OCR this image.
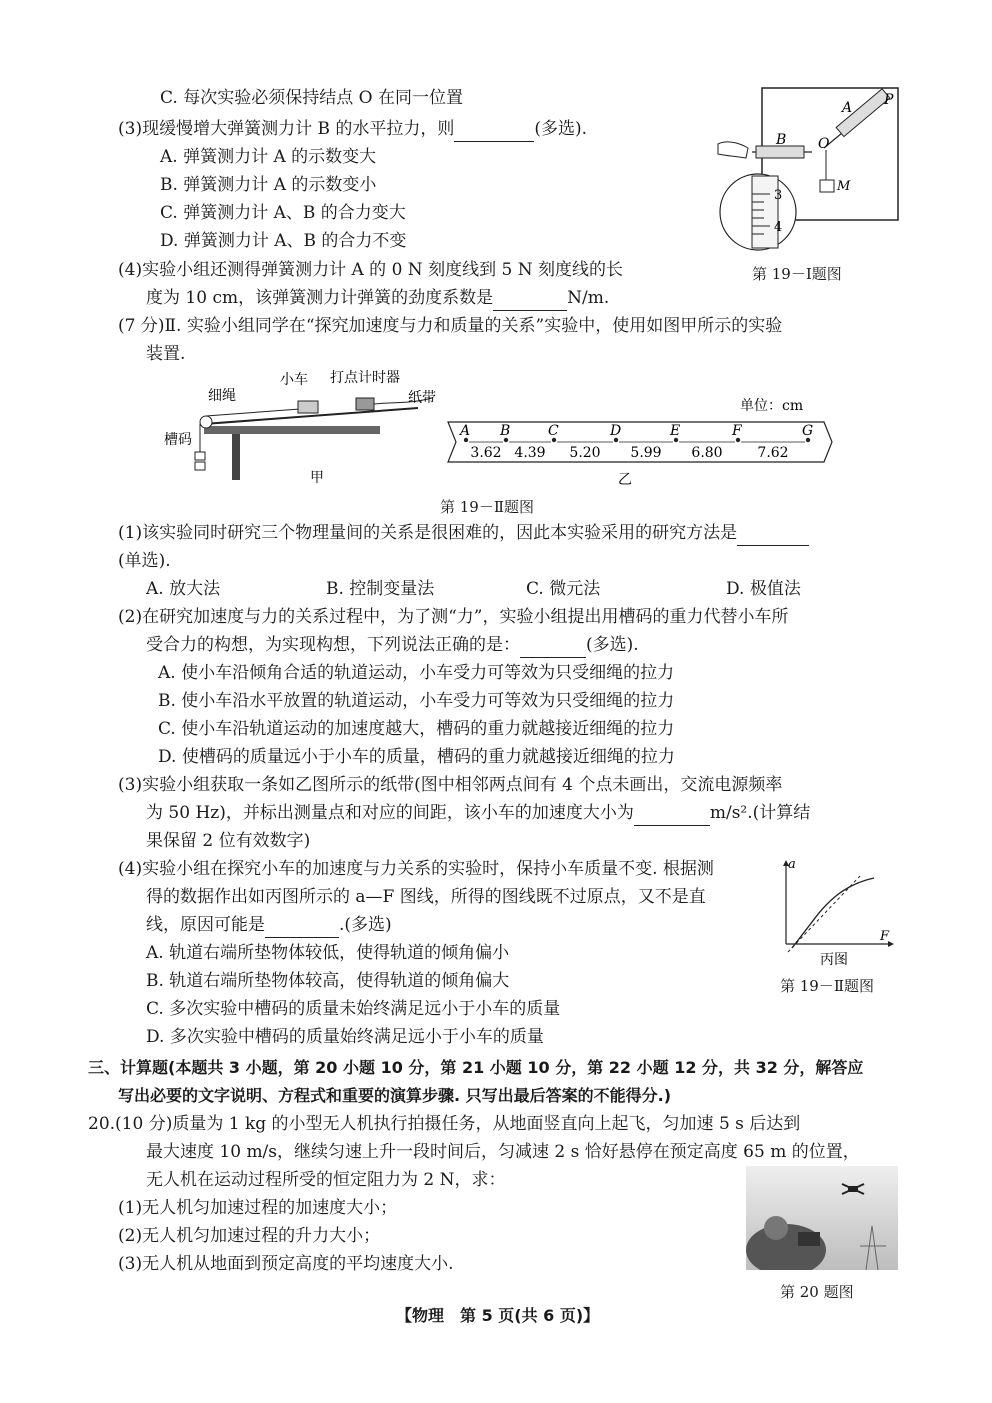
C. 每次实验必须保持结点 O 在同一位置
(3)现缓慢增大弹簧测力计 B 的水平拉力，则	(多选).
A. 弹簧测力计 A 的示数变大
B. 弹簧测力计 A 的示数变小
C. 弹簧测力计 A、B 的合力变大
D. 弹簧测力计 A、B 的合力不变
(4)实验小组还测得弹簧测力计 A 的 0 N 刻度线到 5 N 刻度线的长
度为 10 cm，该弹簧测力计弹簧的劲度系数是	N/m.
3
4
B O
A P
M
第 19－Ⅰ题图
(7 分)Ⅱ. 实验小组同学在“探究加速度与力和质量的关系”实验中，使用如图甲所示的实验
装置.
细绳
小车 打点计时器
纸带
槽码
甲
单位：cm
A B	C	D	E	F	G
3.62 4.39 5.20 5.99 6.80 7.62
乙
第 19－Ⅱ题图
(1)该实验同时研究三个物理量间的关系是很困难的，因此本实验采用的研究方法是
(单选).
A. 放大法	B. 控制变量法	C. 微元法	D. 极值法
(2)在研究加速度与力的关系过程中，为了测“力”，实验小组提出用槽码的重力代替小车所
受合力的构想，为实现构想，下列说法正确的是：	(多选).
A. 使小车沿倾角合适的轨道运动，小车受力可等效为只受细绳的拉力
B. 使小车沿水平放置的轨道运动，小车受力可等效为只受细绳的拉力
C. 使小车沿轨道运动的加速度越大，槽码的重力就越接近细绳的拉力
D. 使槽码的质量远小于小车的质量，槽码的重力就越接近细绳的拉力
(3)实验小组获取一条如乙图所示的纸带(图中相邻两点间有 4 个点未画出，交流电源频率
为 50 Hz)，并标出测量点和对应的间距，该小车的加速度大小为	m/s².(计算结
果保留 2 位有效数字)
(4)实验小组在探究小车的加速度与力关系的实验时，保持小车质量不变. 根据测
得的数据作出如丙图所示的 a—F 图线，所得的图线既不过原点，又不是直
线，原因可能是	.(多选)
A. 轨道右端所垫物体较低，使得轨道的倾角偏小
B. 轨道右端所垫物体较高，使得轨道的倾角偏大
C. 多次实验中槽码的质量未始终满足远小于小车的质量
D. 多次实验中槽码的质量始终满足远小于小车的质量
a
F
丙图
第 19－Ⅱ题图
三、计算题(本题共 3 小题，第 20 小题 10 分，第 21 小题 10 分，第 22 小题 12 分，共 32 分，解答应
写出必要的文字说明、方程式和重要的演算步骤. 只写出最后答案的不能得分.)
20.(10 分)质量为 1 kg 的小型无人机执行拍摄任务，从地面竖直向上起飞，匀加速 5 s 后达到
最大速度 10 m/s，继续匀速上升一段时间后，匀减速 2 s 恰好悬停在预定高度 65 m 的位置，
无人机在运动过程所受的恒定阻力为 2 N，求：
(1)无人机匀加速过程的加速度大小；
(2)无人机匀加速过程的升力大小；
(3)无人机从地面到预定高度的平均速度大小.
第 20 题图
【物理　第 5 页(共 6 页)】
